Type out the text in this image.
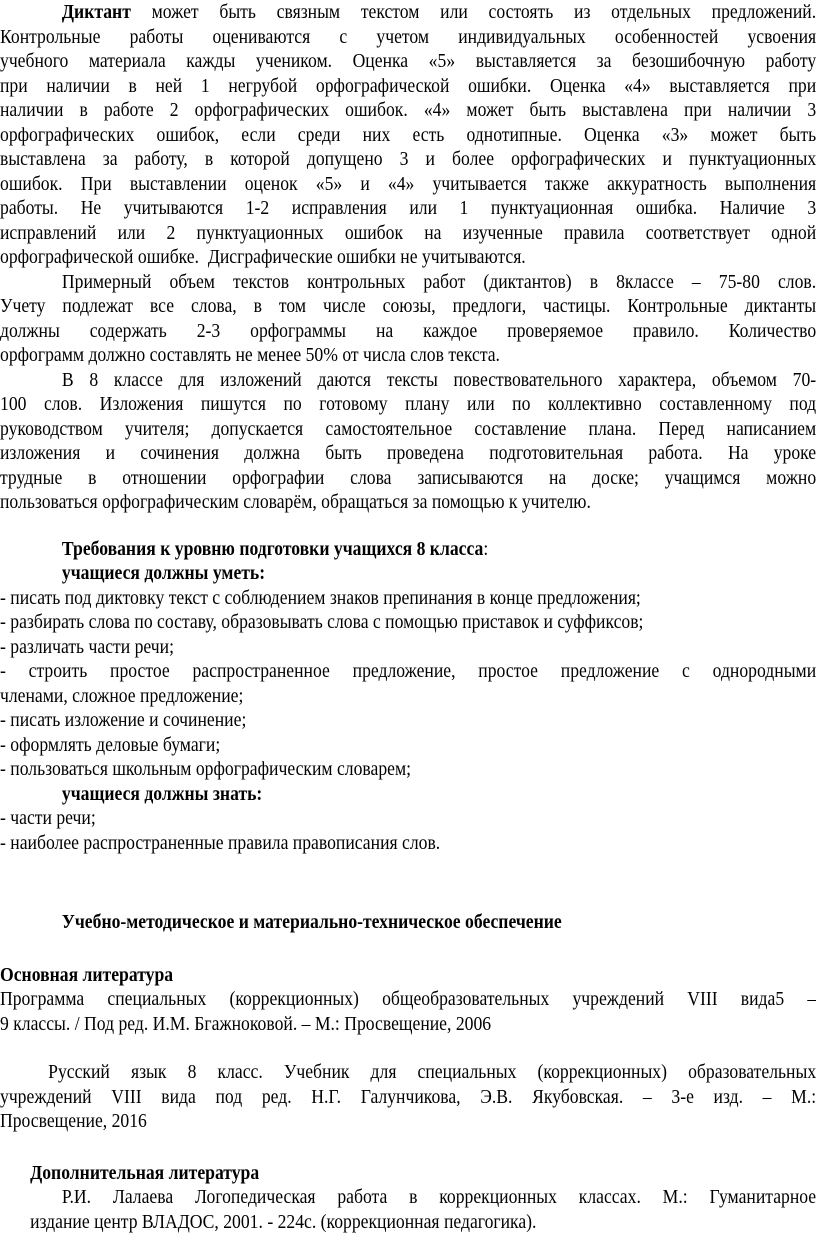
Диктант может быть связным текстом или состоять из отдельных предложений.
Контрольные работы оцениваются с учетом индивидуальных особенностей усвоения
учебного материала кажды учеником. Оценка «5» выставляется за безошибочную работу
при наличии в ней 1 негрубой орфографической ошибки. Оценка «4» выставляется при
наличии в работе 2 орфографических ошибок. «4» может быть выставлена при наличии 3
орфографических ошибок, если среди них есть однотипные. Оценка «3» может быть
выставлена за работу, в которой допущено 3 и более орфографических и пунктуационных
ошибок. При выставлении оценок «5» и «4» учитывается также аккуратность выполнения
работы. Не учитываются 1-2 исправления или 1 пунктуационная ошибка. Наличие 3
исправлений или 2 пунктуационных ошибок на изученные правила соответствует одной
орфографической ошибке.  Дисграфические ошибки не учитываются.
Примерный объем текстов контрольных работ (диктантов) в 8классе – 75-80 слов.
Учету подлежат все слова, в том числе союзы, предлоги, частицы. Контрольные диктанты
должны содержать 2-3 орфограммы на каждое проверяемое правило. Количество
орфограмм должно составлять не менее 50% от числа слов текста.
В 8 классе для изложений даются тексты повествовательного характера, объемом 70-
100 слов. Изложения пишутся по готовому плану или по коллективно составленному под
руководством учителя; допускается самостоятельное составление плана. Перед написанием
изложения и сочинения должна быть проведена подготовительная работа. На уроке
трудные в отношении орфографии слова записываются на доске; учащимся можно
пользоваться орфографическим словарём, обращаться за помощью к учителю.
Требования к уровню подготовки учащихся 8 класса:
учащиеся должны уметь:
- писать под диктовку текст с соблюдением знаков препинания в конце предложения;
- разбирать слова по составу, образовывать слова с помощью приставок и суффиксов;
- различать части речи;
- строить простое распространенное предложение, простое предложение с однородными
членами, сложное предложение;
- писать изложение и сочинение;
- оформлять деловые бумаги;
- пользоваться школьным орфографическим словарем;
учащиеся должны знать:
- части речи;
- наиболее распространенные правила правописания слов.
Учебно-методическое и материально-техническое обеспечение
Основная литература
Программа специальных (коррекционных) общеобразовательных учреждений VIII вида5 –
9 классы. / Под ред. И.М. Бгажноковой. – М.: Просвещение, 2006
Русский язык 8 класс. Учебник для специальных (коррекционных) образовательных
учреждений VIII вида под ред. Н.Г. Галунчикова, Э.В. Якубовская. – 3-е изд. – М.:
Просвещение, 2016
Дополнительная литература
Р.И. Лалаева Логопедическая работа в коррекционных классах. М.: Гуманитарное
издание центр ВЛАДОС, 2001. - 224с. (коррекционная педагогика).
